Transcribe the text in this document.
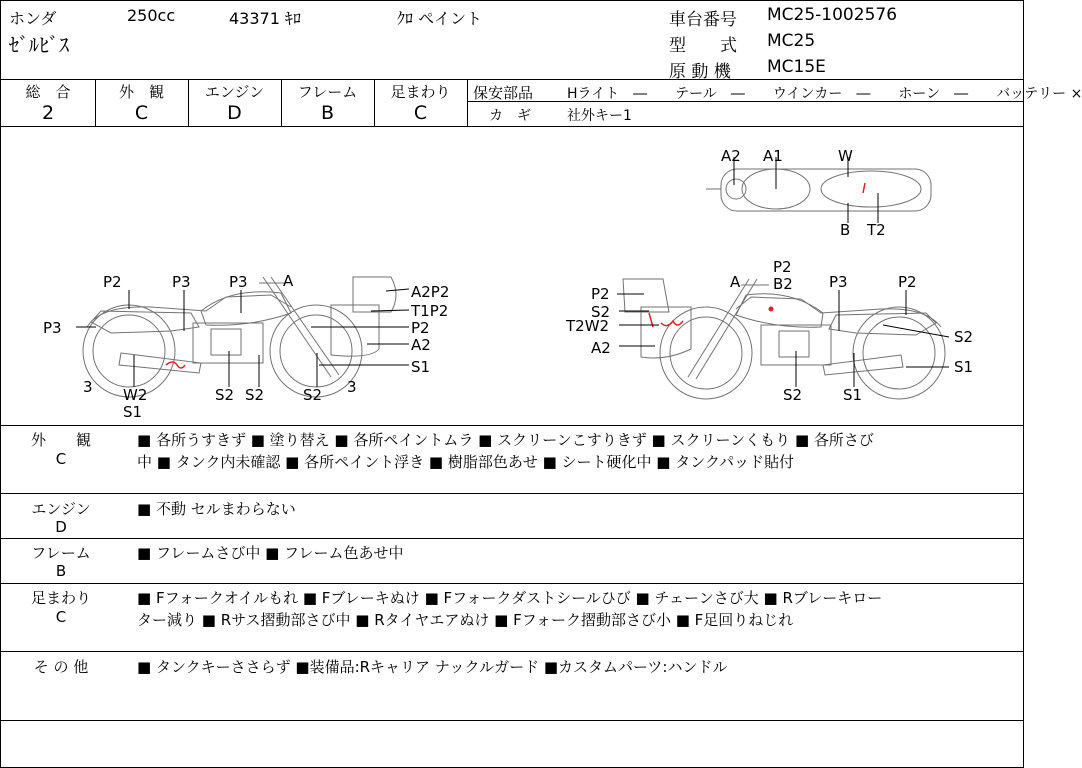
ホンダ	250cc	43371 ｷﾛ	ｸﾛ ペイント
ｾﾞﾙﾋﾞｽ
車台番号 MC25-1002576
型　　式 MC25
原 動 機 MC15E
総　合
2
外　観
C
エンジン
D
フレーム
B
足まわり
C
保安部品 Hライト　―　　テール　―　　ウインカー　―　　ホーン　―　　バッテリー ×
カ　ギ	社外キー1
P2	P3	P3 A
A2P2
T1P2
P3	P2
A2
S1
3 W2
S1
S2 S2	S2 3
A
P2
B2 P3	P2
P2
S2
T2W2
A2
S2
S1
S2	S1
A2 A1	W
B T2
外　　観
C
■ 各所うすきず ■ 塗り替え ■ 各所ペイントムラ ■ スクリーンこすりきず ■ スクリーンくもり ■ 各所さび
中 ■ タンク内未確認 ■ 各所ペイント浮き ■ 樹脂部色あせ ■ シート硬化中 ■ タンクパッド貼付
エンジン
D
■ 不動 セルまわらない
フレーム
B
■ フレームさび中 ■ フレーム色あせ中
足まわり
C
■ Fフォークオイルもれ ■ Fブレーキぬけ ■ Fフォークダストシールひび ■ チェーンさび大 ■ Rブレーキロー
ター減り ■ Rサス摺動部さび中 ■ Rタイヤエアぬけ ■ Fフォーク摺動部さび小 ■ F足回りねじれ
そ の 他	■ タンクキーささらず ■装備品:Rキャリア ナックルガード ■カスタムパーツ:ハンドル
